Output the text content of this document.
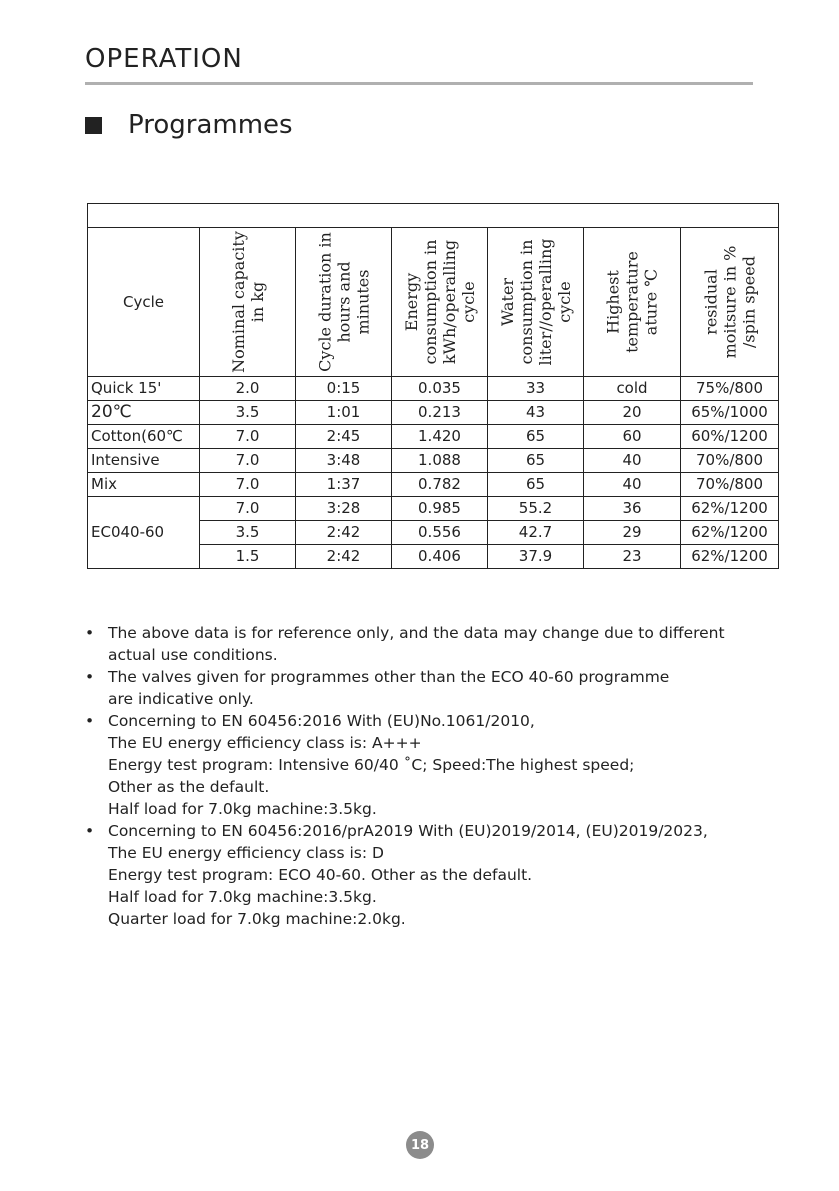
OPERATION
Programmes

Cycle	Nominal capacity in kg	Cycle duration in hours and minutes	Energy consumption in kWh/operalling cycle	Water consumption in liter//operalling cycle	Highest temperature ature ℃	residual moitsure in % /spin speed

Quick 15'	2.0	0:15	0.035	33	cold	75%/800
20℃	3.5	1:01	0.213	43	20	65%/1000
Cotton(60℃	7.0	2:45	1.420	65	60	60%/1200
Intensive	7.0	3:48	1.088	65	40	70%/800
Mix	7.0	1:37	0.782	65	40	70%/800
EC040-60	7.0	3:28	0.985	55.2	36	62%/1200
	3.5	2:42	0.556	42.7	29	62%/1200
	1.5	2:42	0.406	37.9	23	62%/1200
• The above data is for reference only, and the data may change due to different
actual use conditions.
• The valves given for programmes other than the ECO 40-60 programme
are indicative only.
• Concerning to EN 60456:2016 With (EU)No.1061/2010,
The EU energy efficiency class is: A+++
Energy test program: Intensive 60/40 ˚C; Speed:The highest speed;
Other as the default.
Half load for 7.0kg machine:3.5kg.
• Concerning to EN 60456:2016/prA2019 With (EU)2019/2014, (EU)2019/2023,
The EU energy efficiency class is: D
Energy test program: ECO 40-60. Other as the default.
Half load for 7.0kg machine:3.5kg.
Quarter load for 7.0kg machine:2.0kg.
18
